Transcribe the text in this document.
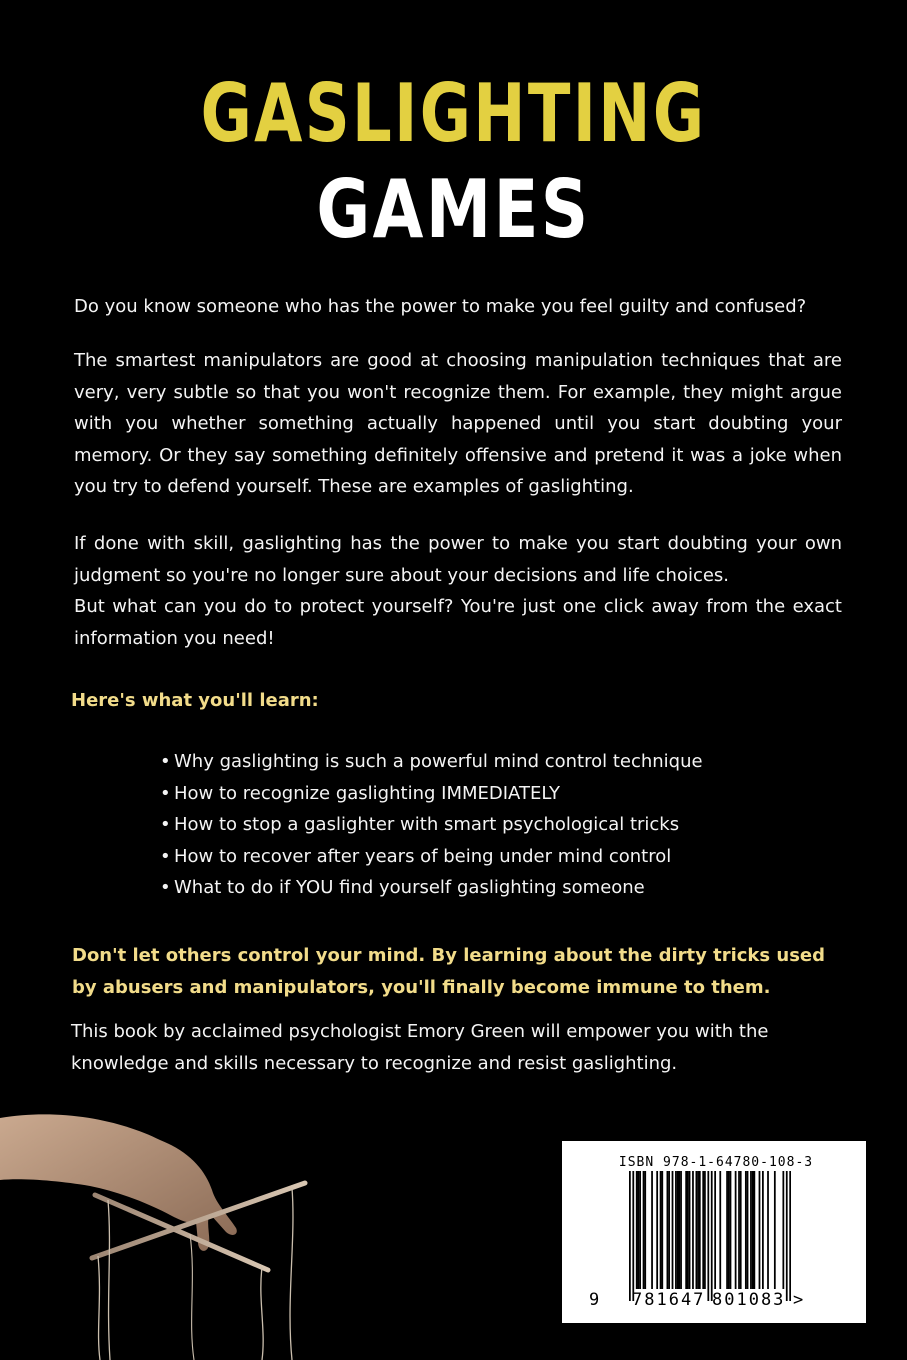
GASLIGHTING
GAMES

Do you know someone who has the power to make you feel guilty and confused?

The smartest manipulators are good at choosing manipulation techniques that are very, very subtle so that you won't recognize them. For example, they might argue with you whether something actually happened until you start doubting your memory. Or they say something definitely offensive and pretend it was a joke when you try to defend yourself. These are examples of gaslighting.

If done with skill, gaslighting has the power to make you start doubting your own judgment so you're no longer sure about your decisions and life choices.

But what can you do to protect yourself? You're just one click away from the exact information you need!

Here's what you'll learn:
• Why gaslighting is such a powerful mind control technique
• How to recognize gaslighting IMMEDIATELY
• How to stop a gaslighter with smart psychological tricks
• How to recover after years of being under mind control
• What to do if YOU find yourself gaslighting someone

Don't let others control your mind. By learning about the dirty tricks used by abusers and manipulators, you'll finally become immune to them.

This book by acclaimed psychologist Emory Green will empower you with the knowledge and skills necessary to recognize and resist gaslighting.

ISBN 978-1-64780-108-3
9 781647 801083 >
